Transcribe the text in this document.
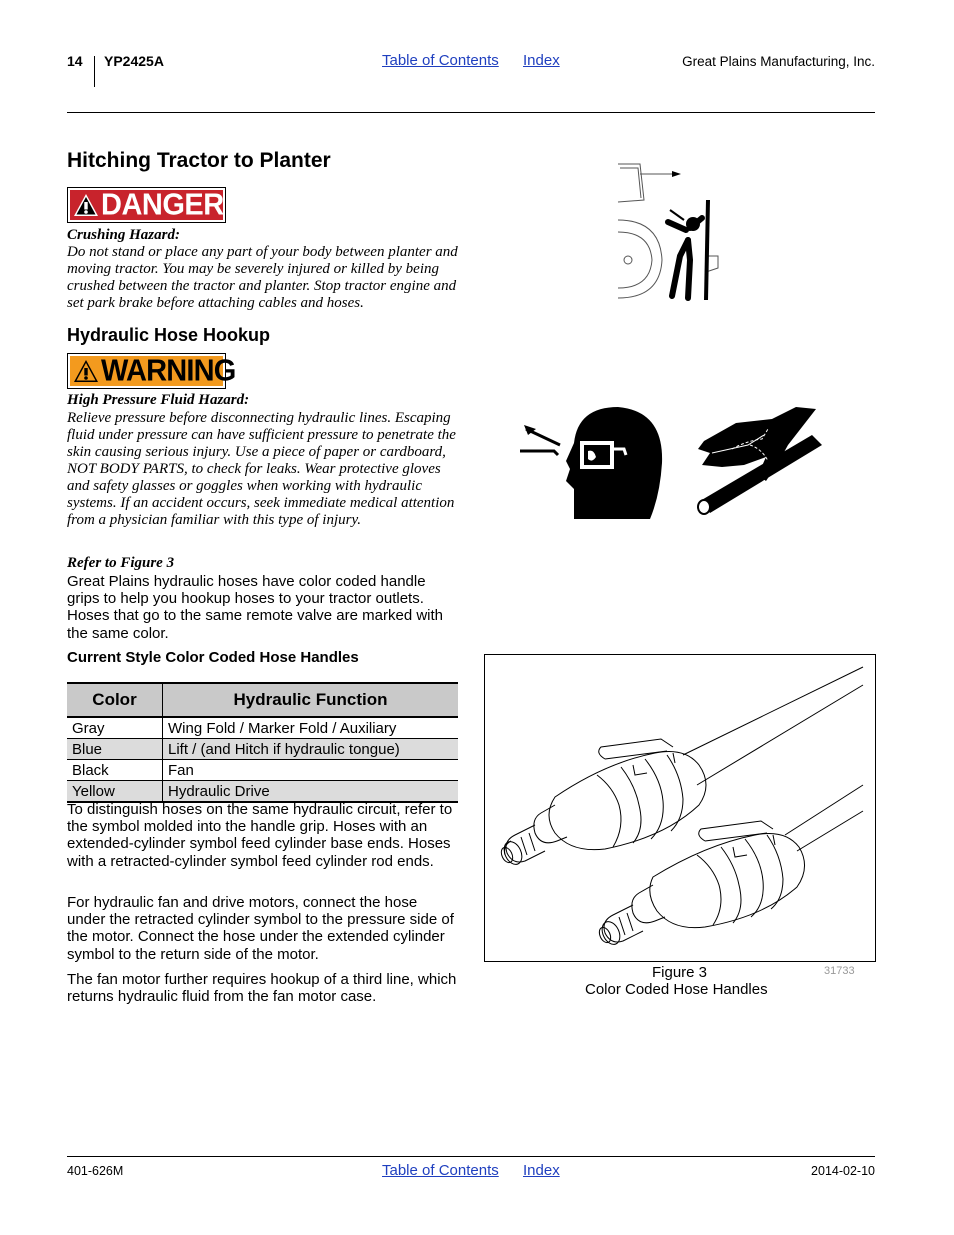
14 YP2425A	Table of Contents Index	Great Plains Manufacturing, Inc.
Hitching Tractor to Planter
DANGER
Crushing Hazard:
Do not stand or place any part of your body between planter and moving tractor. You may be severely injured or killed by being crushed between the tractor and planter. Stop tractor engine and set park brake before attaching cables and hoses.
Hydraulic Hose Hookup
WARNING
High Pressure Fluid Hazard:
Relieve pressure before disconnecting hydraulic lines. Escaping fluid under pressure can have sufficient pressure to penetrate the skin causing serious injury. Use a piece of paper or cardboard, NOT BODY PARTS, to check for leaks. Wear protective gloves and safety glasses or goggles when working with hydraulic systems. If an accident occurs, seek immediate medical attention from a physician familiar with this type of injury.
Refer to Figure 3
Great Plains hydraulic hoses have color coded handle grips to help you hookup hoses to your tractor outlets. Hoses that go to the same remote valve are marked with the same color.
Current Style Color Coded Hose Handles
Color	Hydraulic Function
Gray	Wing Fold / Marker Fold / Auxiliary
Blue	Lift / (and Hitch if hydraulic tongue)
Black	Fan
Yellow	Hydraulic Drive
To distinguish hoses on the same hydraulic circuit, refer to the symbol molded into the handle grip. Hoses with an extended-cylinder symbol feed cylinder base ends. Hoses with a retracted-cylinder symbol feed cylinder rod ends.
For hydraulic fan and drive motors, connect the hose under the retracted cylinder symbol to the pressure side of the motor. Connect the hose under the extended cylinder symbol to the return side of the motor.
The fan motor further requires hookup of a third line, which returns hydraulic fluid from the fan motor case.
Figure 3	31733
Color Coded Hose Handles
401-626M	Table of Contents Index	2014-02-10
